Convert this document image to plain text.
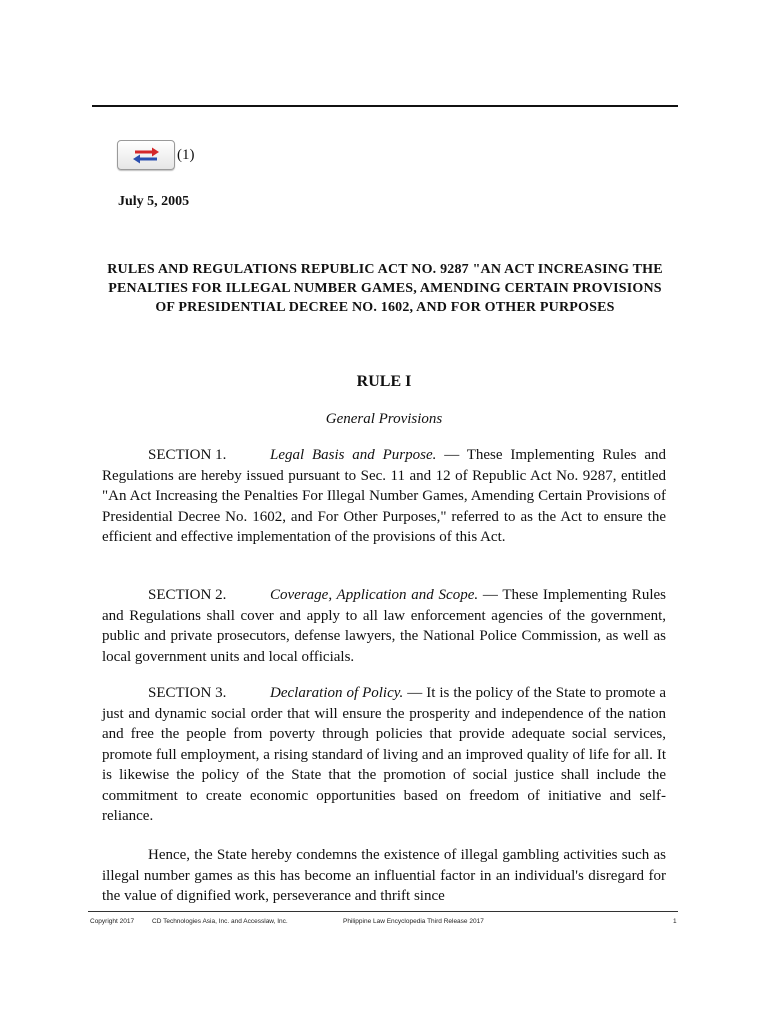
(1)
July 5, 2005
RULES AND REGULATIONS REPUBLIC ACT NO. 9287 "AN ACT INCREASING THE PENALTIES FOR ILLEGAL NUMBER GAMES, AMENDING CERTAIN PROVISIONS OF PRESIDENTIAL DECREE NO. 1602, AND FOR OTHER PURPOSES
RULE I
General Provisions

SECTION 1.	Legal Basis and Purpose. — These Implementing Rules and Regulations are hereby issued pursuant to Sec. 11 and 12 of Republic Act No. 9287, entitled "An Act Increasing the Penalties For Illegal Number Games, Amending Certain Provisions of Presidential Decree No. 1602, and For Other Purposes," referred to as the Act to ensure the efficient and effective implementation of the provisions of this Act.

SECTION 2.	Coverage, Application and Scope. — These Implementing Rules and Regulations shall cover and apply to all law enforcement agencies of the government, public and private prosecutors, defense lawyers, the National Police Commission, as well as local government units and local officials.

SECTION 3.	Declaration of Policy. — It is the policy of the State to promote a just and dynamic social order that will ensure the prosperity and independence of the nation and free the people from poverty through policies that provide adequate social services, promote full employment, a rising standard of living and an improved quality of life for all. It is likewise the policy of the State that the promotion of social justice shall include the commitment to create economic opportunities based on freedom of initiative and self-reliance.

Hence, the State hereby condemns the existence of illegal gambling activities such as illegal number games as this has become an influential factor in an individual's disregard for the value of dignified work, perseverance and thrift since

Copyright 2017	CD Technologies Asia, Inc. and Accesslaw, Inc.	Philippine Law Encyclopedia Third Release 2017	1
